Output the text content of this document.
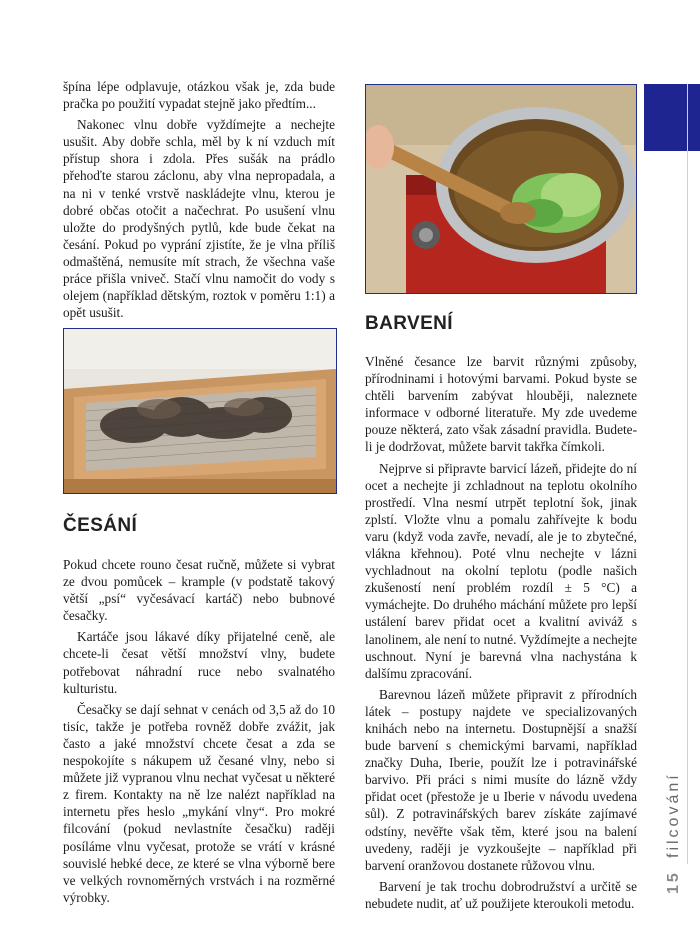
špína lépe odplavuje, otázkou však je, zda bude pračka po použití vypadat stejně jako předtím...

Nakonec vlnu dobře vyždímejte a nechejte usušit. Aby dobře schla, měl by k ní vzduch mít přístup shora i zdola. Přes sušák na prádlo přehoďte starou záclonu, aby vlna nepropadala, a na ni v tenké vrstvě naskládejte vlnu, kterou je dobré občas otočit a načechrat. Po usušení vlnu uložte do prodyšných pytlů, kde bude čekat na česání. Pokud po vyprání zjistíte, že je vlna příliš odmaštěná, nemusíte mít strach, že všechna vaše práce přišla vniveč. Stačí vlnu namočit do vody s olejem (například dětským, roztok v poměru 1:1) a opět usušit.

ČESÁNÍ

Pokud chcete rouno česat ručně, můžete si vybrat ze dvou pomůcek – krample (v podstatě takový větší „psí“ vyčesávací kartáč) nebo bubnové česačky.

Kartáče jsou lákavé díky přijatelné ceně, ale chcete-li česat větší množství vlny, budete potřebovat náhradní ruce nebo svalnatého kulturistu.

Česačky se dají sehnat v cenách od 3,5 až do 10 tisíc, takže je potřeba rovněž dobře zvážit, jak často a jaké množství chcete česat a zda se nespokojíte s nákupem už česané vlny, nebo si můžete již vypranou vlnu nechat vyčesat u některé z firem. Kontakty na ně lze nalézt například na internetu přes heslo „mykání vlny“. Pro mokré filcování (pokud nevlastníte česačku) raději posíláme vlnu vyčesat, protože se vrátí v krásné souvislé hebké dece, ze které se vlna výborně bere ve velkých rovnoměrných vrstvách i na rozměrné výrobky.

BARVENÍ

Vlněné česance lze barvit různými způsoby, přírodninami i hotovými barvami. Pokud byste se chtěli barvením zabývat hlouběji, naleznete informace v odborné literatuře. My zde uvedeme pouze některá, zato však zásadní pravidla. Budete-li je dodržovat, můžete barvit takřka čímkoli.

Nejprve si připravte barvicí lázeň, přidejte do ní ocet a nechejte ji zchladnout na teplotu okolního prostředí. Vlna nesmí utrpět teplotní šok, jinak zplstí. Vložte vlnu a pomalu zahřívejte k bodu varu (když voda zavře, nevadí, ale je to zbytečné, vlákna křehnou). Poté vlnu nechejte v lázni vychladnout na okolní teplotu (podle našich zkušeností není problém rozdíl ± 5 °C) a vymáchejte. Do druhého máchání můžete pro lepší ustálení barev přidat ocet a kvalitní aviváž s lanolinem, ale není to nutné. Vyždímejte a nechejte uschnout. Nyní je barevná vlna nachystána k dalšímu zpracování.

Barevnou lázeň můžete připravit z přírodních látek – postupy najdete ve specializovaných knihách nebo na internetu. Dostupnější a snažší bude barvení s chemickými barvami, například značky Duha, Iberie, použít lze i potravinářské barvivo. Při práci s nimi musíte do lázně vždy přidat ocet (přestože je u Iberie v návodu uvedena sůl). Z potravinářských barev získáte zajímavé odstíny, nevěřte však těm, které jsou na balení uvedeny, raději je vyzkoušejte – například při barvení oranžovou dostanete růžovou vlnu.

Barvení je tak trochu dobrodružství a určitě se nebudete nudit, ať už použijete kteroukoli metodu.

15
filcování
